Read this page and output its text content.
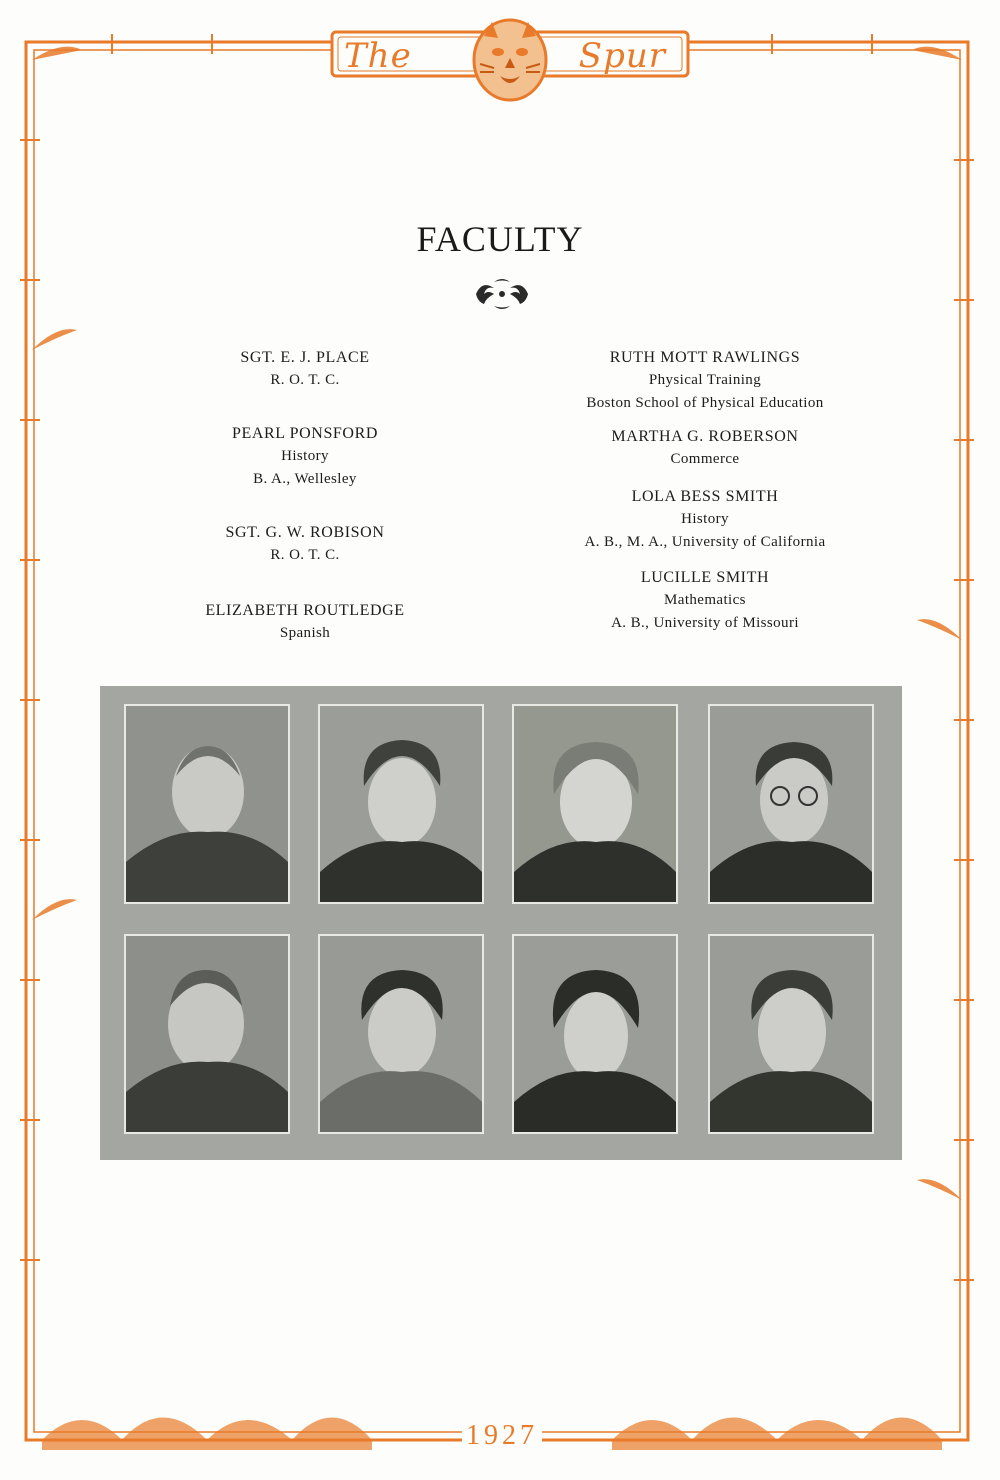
The	Spur
FACULTY
SGT. E. J. PLACE
R. O. T. C.
PEARL PONSFORD
History
B. A., Wellesley
SGT. G. W. ROBISON
R. O. T. C.
ELIZABETH ROUTLEDGE
Spanish
RUTH MOTT RAWLINGS
Physical Training
Boston School of Physical Education
MARTHA G. ROBERSON
Commerce
LOLA BESS SMITH
History
A. B., M. A., University of California
LUCILLE SMITH
Mathematics
A. B., University of Missouri
1927
